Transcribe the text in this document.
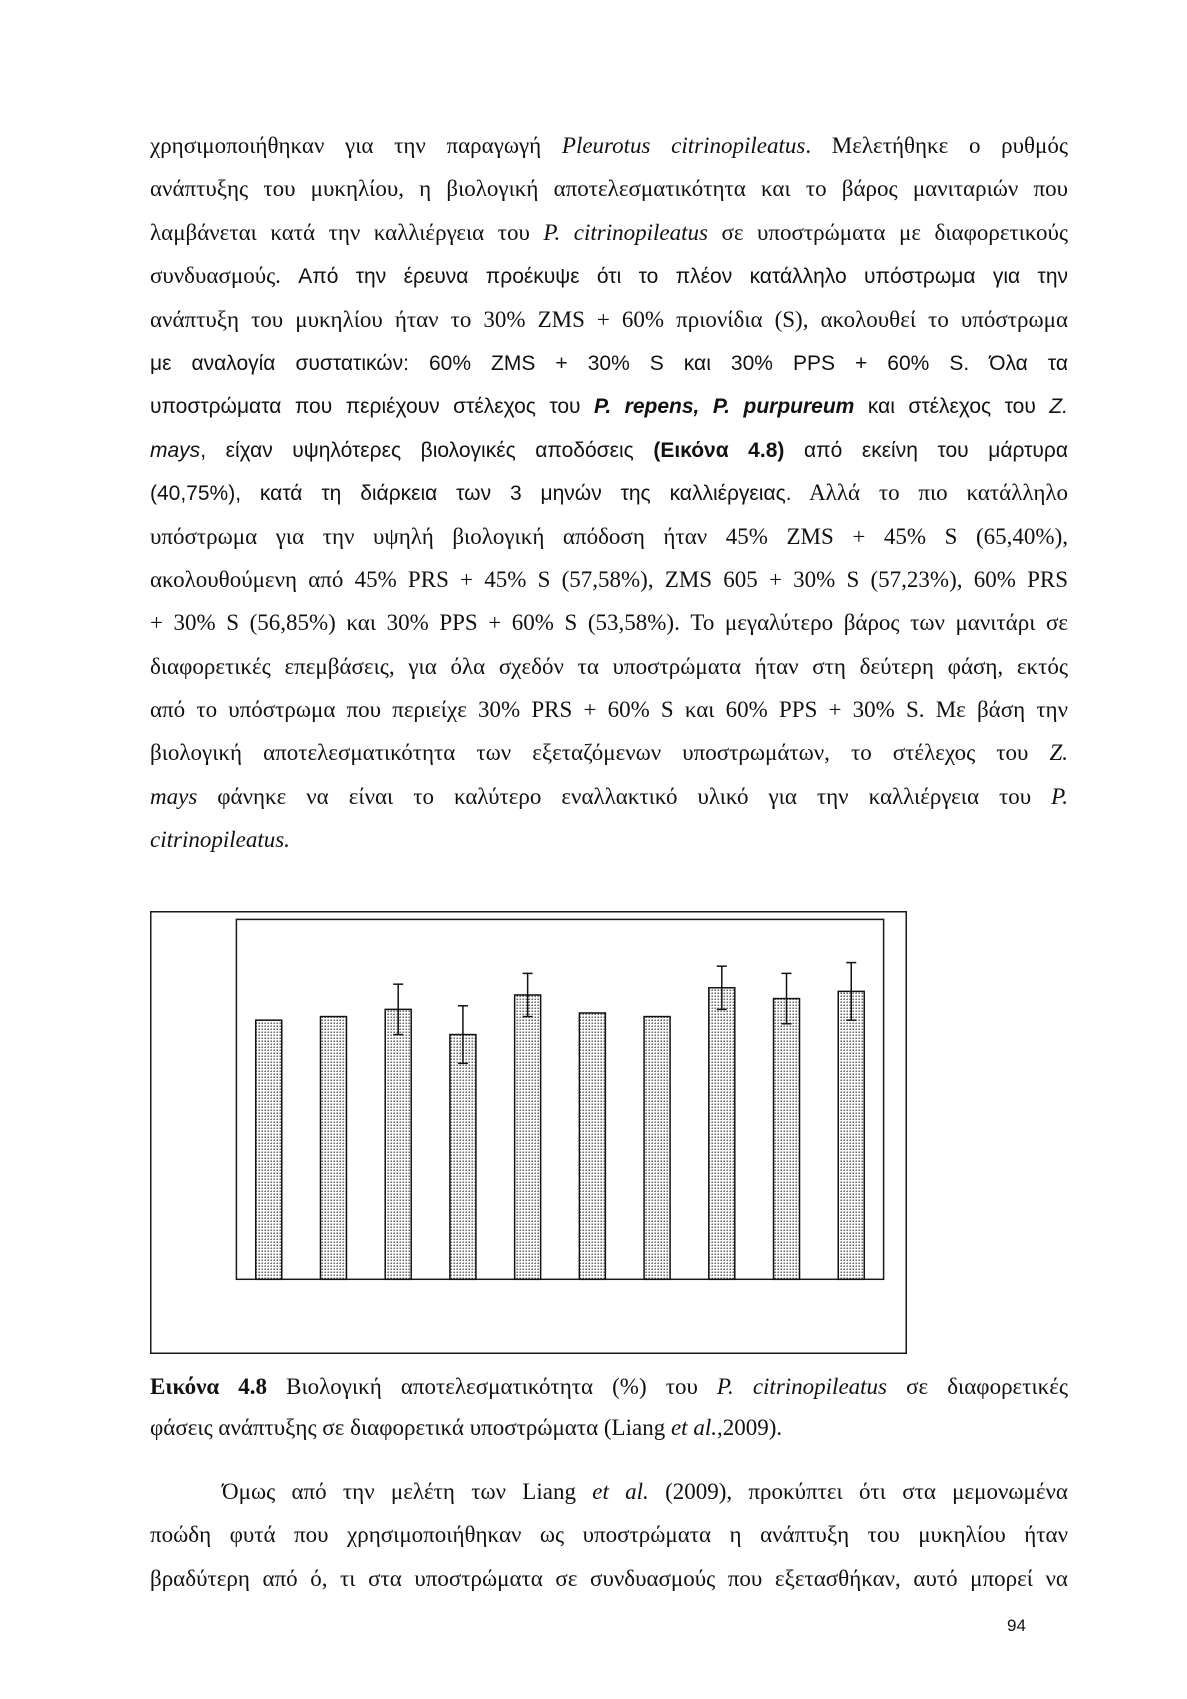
χρησιμοποιήθηκαν για την παραγωγή Pleurotus citrinopileatus. Μελετήθηκε ο ρυθμός
ανάπτυξης του μυκηλίου, η βιολογική αποτελεσματικότητα και το βάρος μανιταριών που
λαμβάνεται κατά την καλλιέργεια του P. citrinopileatus σε υποστρώματα με διαφορετικούς
συνδυασμούς. Από την έρευνα προέκυψε ότι το πλέον κατάλληλο υπόστρωμα για την
ανάπτυξη του μυκηλίου ήταν το 30% ZMS + 60% πριονίδια (S), ακολουθεί το υπόστρωμα
με αναλογία συστατικών: 60% ZMS + 30% S και 30% PPS + 60% S. Όλα τα
υποστρώματα που περιέχουν στέλεχος του P. repens, P. purpureum και στέλεχος του Z.
mays, είχαν υψηλότερες βιολογικές αποδόσεις (Εικόνα 4.8) από εκείνη του μάρτυρα
(40,75%), κατά τη διάρκεια των 3 μηνών της καλλιέργειας. Αλλά το πιο κατάλληλο
υπόστρωμα για την υψηλή βιολογική απόδοση ήταν 45% ZMS + 45% S (65,40%),
ακολουθούμενη από 45% PRS + 45% S (57,58%), ZMS 605 + 30% S (57,23%), 60% PRS
+ 30% S (56,85%) και 30% PPS + 60% S (53,58%). Το μεγαλύτερο βάρος των μανιτάρι σε
διαφορετικές επεμβάσεις, για όλα σχεδόν τα υποστρώματα ήταν στη δεύτερη φάση, εκτός
από το υπόστρωμα που περιείχε 30% PRS + 60% S και 60% PPS + 30% S. Με βάση την
βιολογική αποτελεσματικότητα των εξεταζόμενων υποστρωμάτων, το στέλεχος του Z.
mays φάνηκε να είναι το καλύτερο εναλλακτικό υλικό για την καλλιέργεια του P.
citrinopileatus.
Εικόνα 4.8 Βιολογική αποτελεσματικότητα (%) του P. citrinopileatus σε διαφορετικές
φάσεις ανάπτυξης σε διαφορετικά υποστρώματα (Liang et al.,2009).
Όμως από την μελέτη των Liang et al. (2009), προκύπτει ότι στα μεμονωμένα
ποώδη φυτά που χρησιμοποιήθηκαν ως υποστρώματα η ανάπτυξη του μυκηλίου ήταν
βραδύτερη από ό, τι στα υποστρώματα σε συνδυασμούς που εξετασθήκαν, αυτό μπορεί να
94
